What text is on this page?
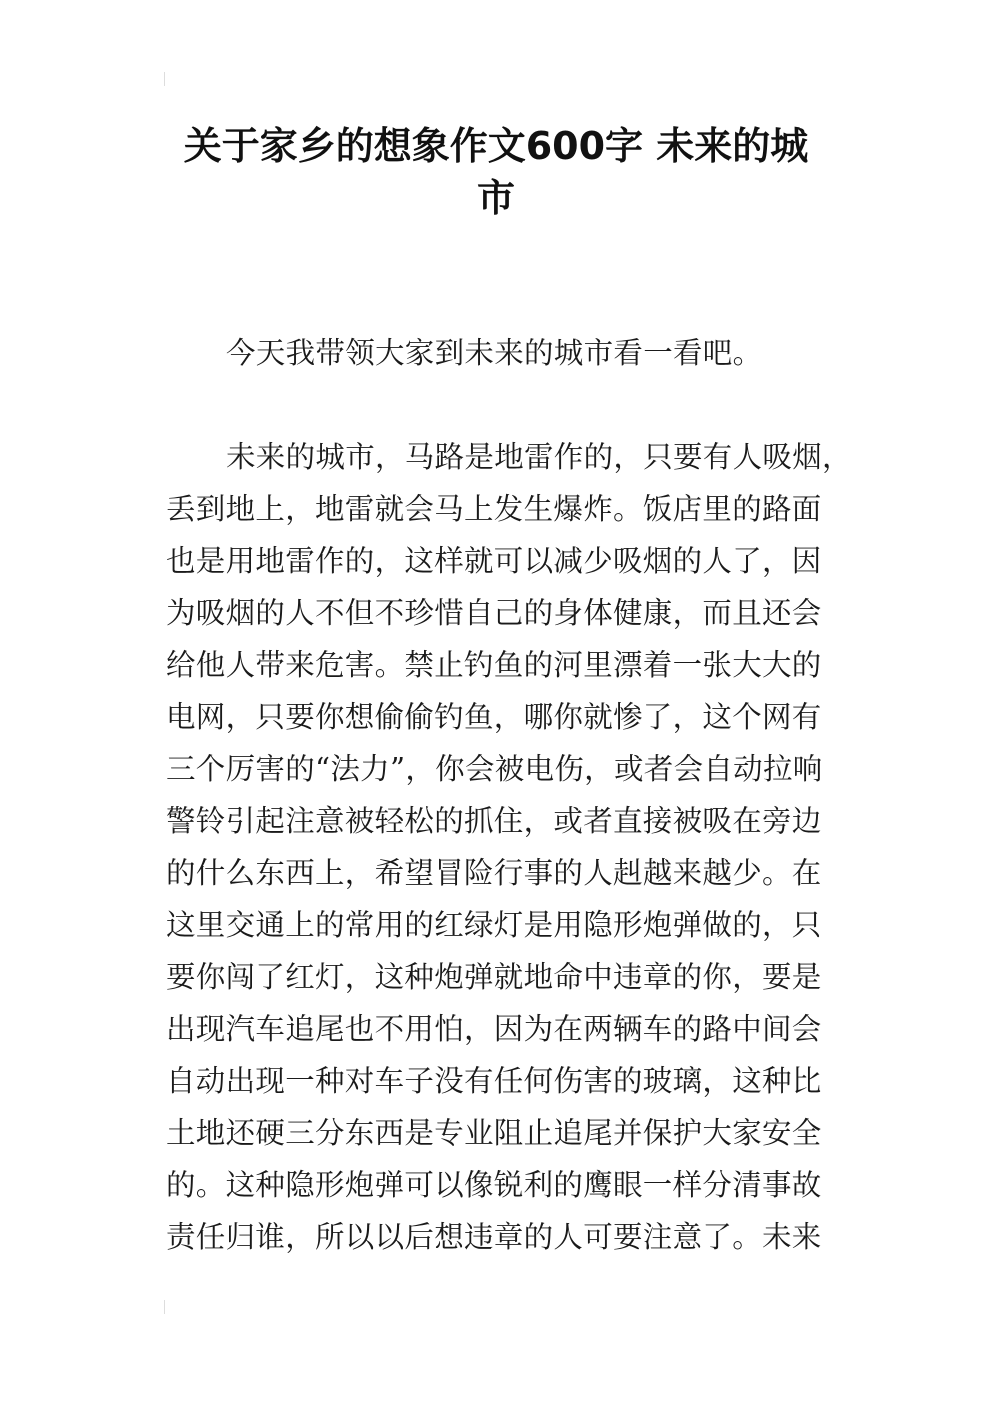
关于家乡的想象作文600字 未来的城
市
今天我带领大家到未来的城市看一看吧。
未来的城市，马路是地雷作的，只要有人吸烟，
丢到地上，地雷就会马上发生爆炸。饭店里的路面
也是用地雷作的，这样就可以减少吸烟的人了，因
为吸烟的人不但不珍惜自己的身体健康，而且还会
给他人带来危害。禁止钓鱼的河里漂着一张大大的
电网，只要你想偷偷钓鱼，哪你就惨了，这个网有
三个厉害的“法力”，你会被电伤，或者会自动拉响
警铃引起注意被轻松的抓住，或者直接被吸在旁边
的什么东西上，希望冒险行事的人赳越来越少。在
这里交通上的常用的红绿灯是用隐形炮弹做的，只
要你闯了红灯，这种炮弹就地命中违章的你，要是
出现汽车追尾也不用怕，因为在两辆车的路中间会
自动出现一种对车子没有任何伤害的玻璃，这种比
土地还硬三分东西是专业阻止追尾并保护大家安全
的。这种隐形炮弹可以像锐利的鹰眼一样分清事故
责任归谁，所以以后想违章的人可要注意了。未来
